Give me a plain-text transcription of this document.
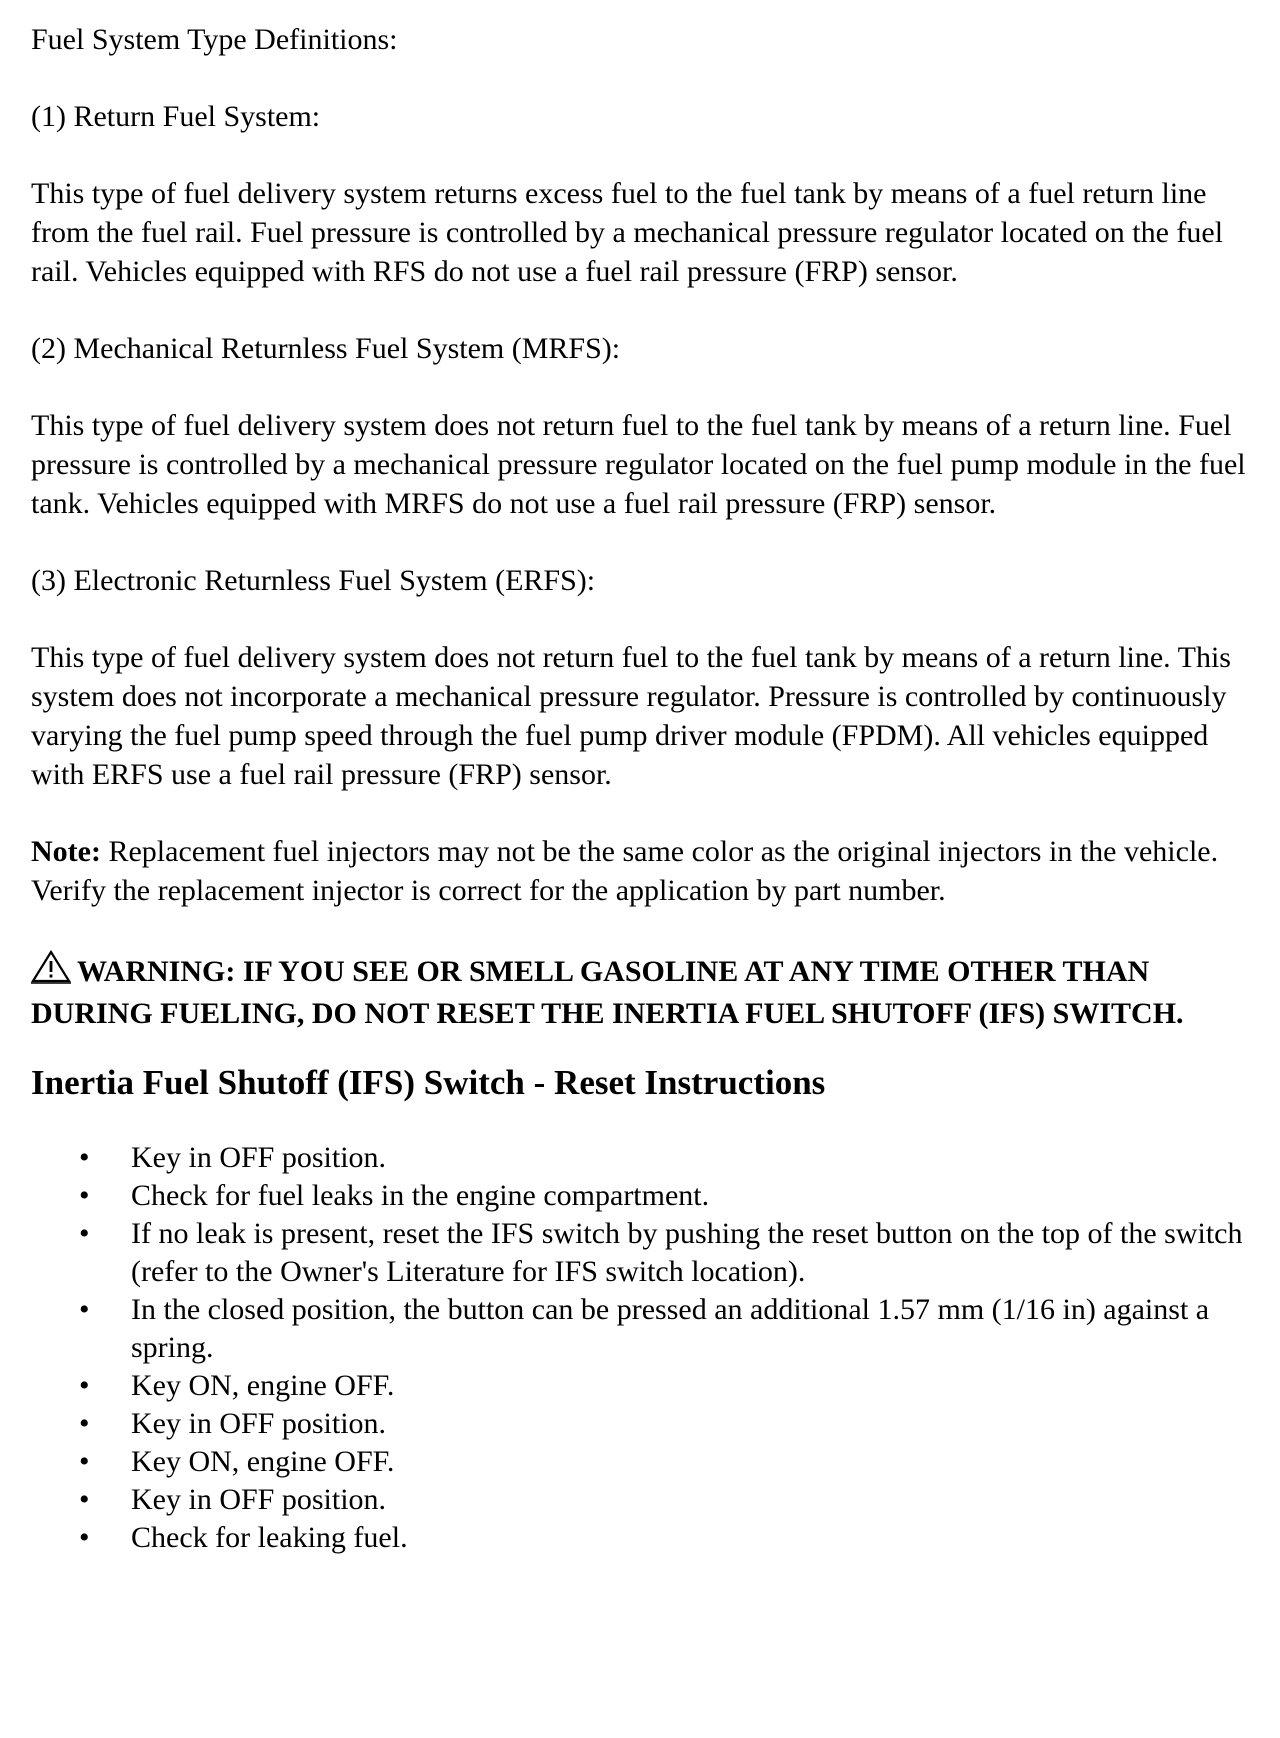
Fuel System Type Definitions:

(1) Return Fuel System:

This type of fuel delivery system returns excess fuel to the fuel tank by means of a fuel return line from the fuel rail. Fuel pressure is controlled by a mechanical pressure regulator located on the fuel rail. Vehicles equipped with RFS do not use a fuel rail pressure (FRP) sensor.

(2) Mechanical Returnless Fuel System (MRFS):

This type of fuel delivery system does not return fuel to the fuel tank by means of a return line. Fuel pressure is controlled by a mechanical pressure regulator located on the fuel pump module in the fuel tank. Vehicles equipped with MRFS do not use a fuel rail pressure (FRP) sensor.

(3) Electronic Returnless Fuel System (ERFS):

This type of fuel delivery system does not return fuel to the fuel tank by means of a return line. This system does not incorporate a mechanical pressure regulator. Pressure is controlled by continuously varying the fuel pump speed through the fuel pump driver module (FPDM). All vehicles equipped with ERFS use a fuel rail pressure (FRP) sensor.

Note: Replacement fuel injectors may not be the same color as the original injectors in the vehicle. Verify the replacement injector is correct for the application by part number.

WARNING: IF YOU SEE OR SMELL GASOLINE AT ANY TIME OTHER THAN DURING FUELING, DO NOT RESET THE INERTIA FUEL SHUTOFF (IFS) SWITCH.
Inertia Fuel Shutoff (IFS) Switch - Reset Instructions
• Key in OFF position.
• Check for fuel leaks in the engine compartment.
• If no leak is present, reset the IFS switch by pushing the reset button on the top of the switch (refer to the Owner's Literature for IFS switch location).
• In the closed position, the button can be pressed an additional 1.57 mm (1/16 in) against a spring.
• Key ON, engine OFF.
• Key in OFF position.
• Key ON, engine OFF.
• Key in OFF position.
• Check for leaking fuel.
